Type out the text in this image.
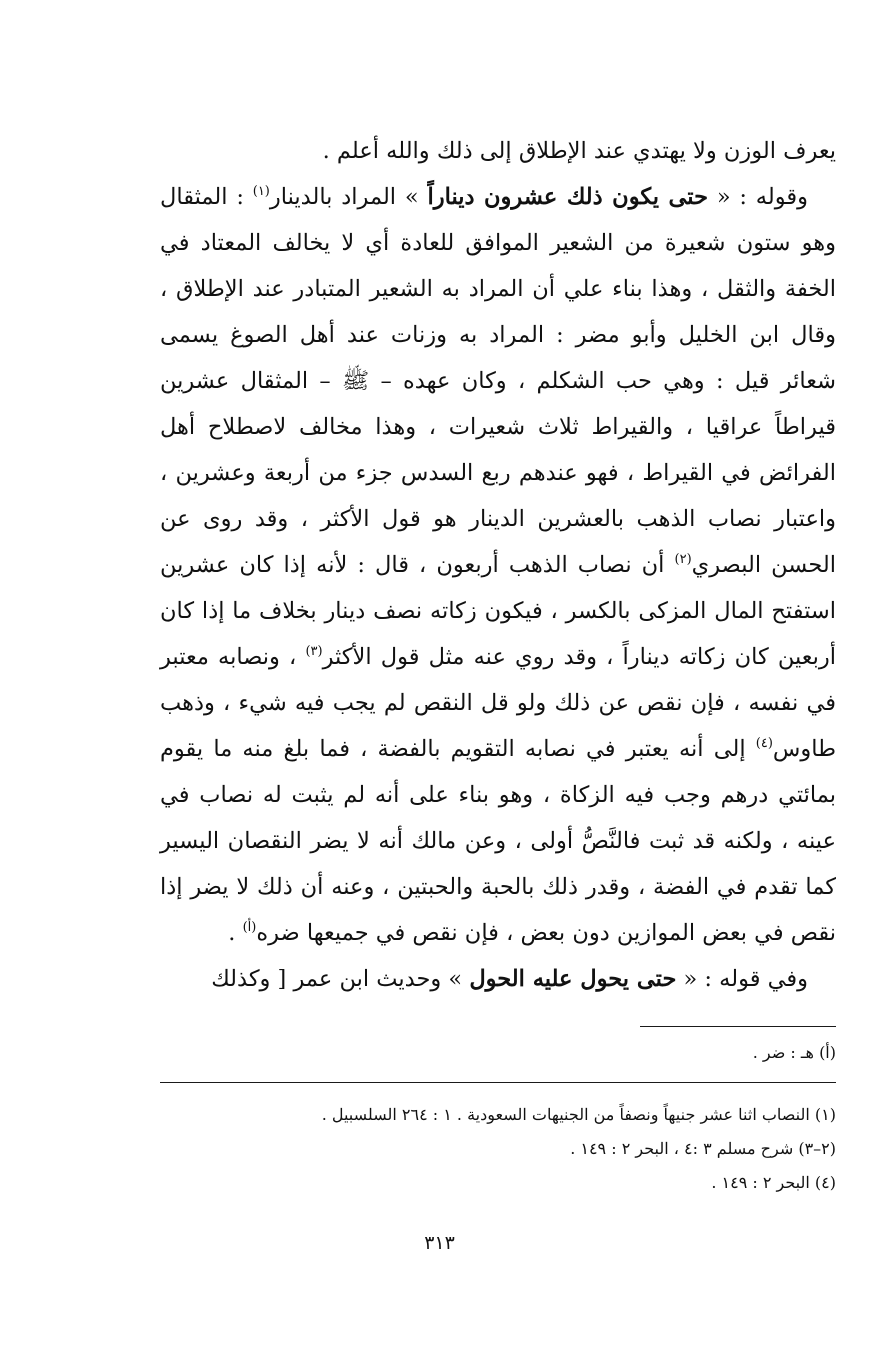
يعرف الوزن ولا يهتدي عند الإطلاق إلى ذلك والله أعلم .

وقوله : « حتى يكون ذلك عشرون ديناراً » المراد بالدينار$^{(١)}$ : المثقال وهو ستون شعيرة من الشعير الموافق للعادة أي لا يخالف المعتاد في الخفة والثقل ، وهذا بناء علي أن المراد به الشعير المتبادر عند الإطلاق ، وقال ابن الخليل وأبو مضر : المراد به وزنات عند أهل الصوغ يسمى شعائر قيل : وهي حب الشكلم ، وكان عهده – ﷺ – المثقال عشرين قيراطاً عراقيا ، والقيراط ثلاث شعيرات ، وهذا مخالف لاصطلاح أهل الفرائض في القيراط ، فهو عندهم ربع السدس جزء من أربعة وعشرين ، واعتبار نصاب الذهب بالعشرين الدينار هو قول الأكثر ، وقد روى عن الحسن البصري$^{(٢)}$ أن نصاب الذهب أربعون ، قال : لأنه إذا كان عشرين استفتح المال المزكى بالكسر ، فيكون زكاته نصف دينار بخلاف ما إذا كان أربعين كان زكاته ديناراً ، وقد روي عنه مثل قول الأكثر$^{(٣)}$ ، ونصابه معتبر في نفسه ، فإن نقص عن ذلك ولو قل النقص لم يجب فيه شيء ، وذهب طاوس$^{(٤)}$ إلى أنه يعتبر في نصابه التقويم بالفضة ، فما بلغ منه ما يقوم بمائتي درهم وجب فيه الزكاة ، وهو بناء على أنه لم يثبت له نصاب في عينه ، ولكنه قد ثبت فالنَّصُّ أولى ، وعن مالك أنه لا يضر النقصان اليسير كما تقدم في الفضة ، وقدر ذلك بالحبة والحبتين ، وعنه أن ذلك لا يضر إذا نقص في بعض الموازين دون بعض ، فإن نقص في جميعها ضره$^{(أ)}$ .

وفي قوله : « حتى يحول عليه الحول » وحديث ابن عمر [ وكذلك

(أ) هـ : ضر .
(١) النصاب اثنا عشر جنيهاً ونصفاً من الجنيهات السعودية . ١ : ٢٦٤ السلسبيل .
(٢–٣) شرح مسلم ٣ :٤ ، البحر ٢ : ١٤٩ .
(٤) البحر ٢ : ١٤٩ .
٣١٣
